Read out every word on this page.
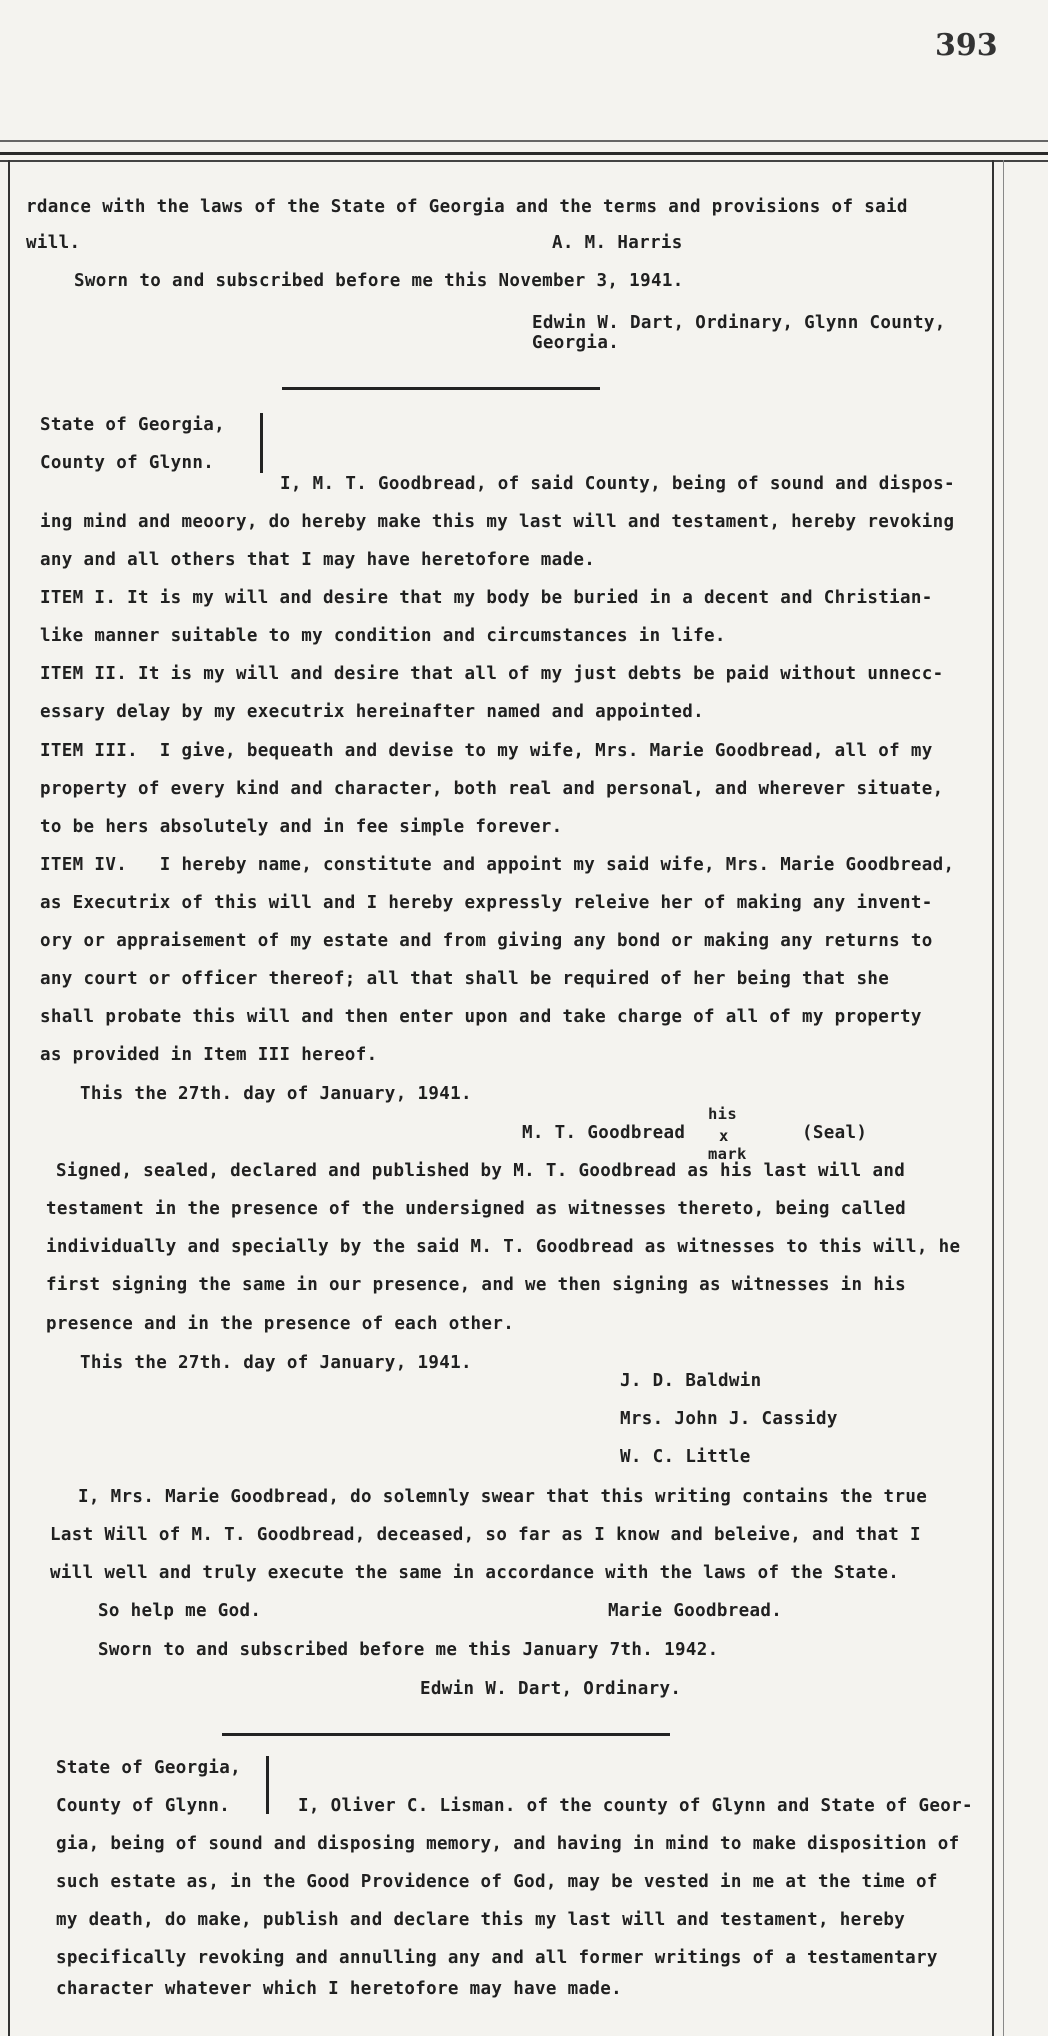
393
rdance with the laws of the State of Georgia and the terms and provisions of said
will.	A. M. Harris
Sworn to and subscribed before me this November 3, 1941.
Edwin W. Dart, Ordinary, Glynn County,
Georgia.
State of Georgia,
County of Glynn.
I, M. T. Goodbread, of said County, being of sound and dispos-
ing mind and meoory, do hereby make this my last will and testament, hereby revoking
any and all others that I may have heretofore made.
ITEM I. It is my will and desire that my body be buried in a decent and Christian-
like manner suitable to my condition and circumstances in life.
ITEM II. It is my will and desire that all of my just debts be paid without unnecc-
essary delay by my executrix hereinafter named and appointed.
ITEM III.  I give, bequeath and devise to my wife, Mrs. Marie Goodbread, all of my
property of every kind and character, both real and personal, and wherever situate,
to be hers absolutely and in fee simple forever.
ITEM IV.   I hereby name, constitute and appoint my said wife, Mrs. Marie Goodbread,
as Executrix of this will and I hereby expressly releive her of making any invent-
ory or appraisement of my estate and from giving any bond or making any returns to
any court or officer thereof; all that shall be required of her being that she
shall probate this will and then enter upon and take charge of all of my property
as provided in Item III hereof.
This the 27th. day of January, 1941.
M. T. Goodbread
his
x
mark
(Seal)
Signed, sealed, declared and published by M. T. Goodbread as his last will and
testament in the presence of the undersigned as witnesses thereto, being called
individually and specially by the said M. T. Goodbread as witnesses to this will, he
first signing the same in our presence, and we then signing as witnesses in his
presence and in the presence of each other.
This the 27th. day of January, 1941.
J. D. Baldwin
Mrs. John J. Cassidy
W. C. Little
I, Mrs. Marie Goodbread, do solemnly swear that this writing contains the true
Last Will of M. T. Goodbread, deceased, so far as I know and beleive, and that I
will well and truly execute the same in accordance with the laws of the State.
So help me God.	Marie Goodbread.
Sworn to and subscribed before me this January 7th. 1942.
Edwin W. Dart, Ordinary.
State of Georgia,
County of Glynn.	I, Oliver C. Lisman. of the county of Glynn and State of Geor-
gia, being of sound and disposing memory, and having in mind to make disposition of
such estate as, in the Good Providence of God, may be vested in me at the time of
my death, do make, publish and declare this my last will and testament, hereby
specifically revoking and annulling any and all former writings of a testamentary
character whatever which I heretofore may have made.
